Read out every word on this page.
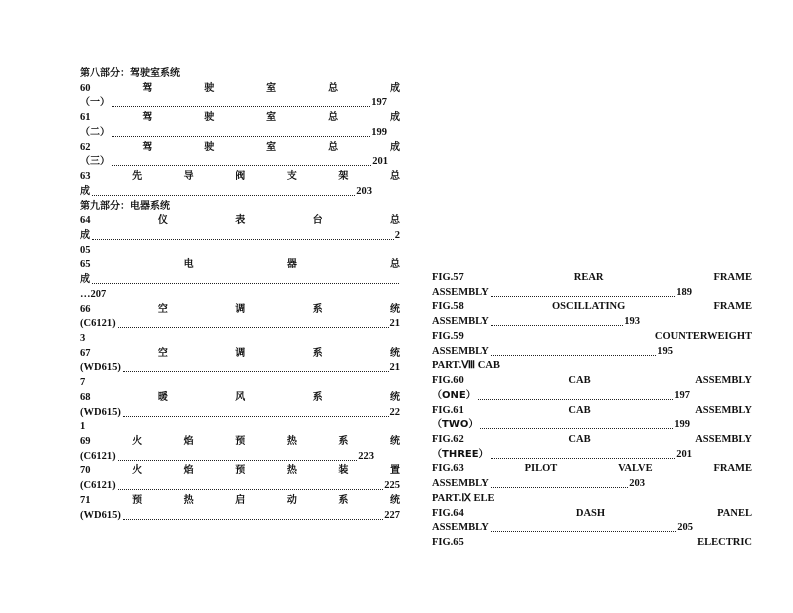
第八部分：驾驶室系统
60	驾	驶	室	总	成
（一）	197
61	驾	驶	室	总	成
（二）	199
62	驾	驶	室	总	成
（三）	201
63	先	导	阀	支	架	总
成	203
第九部分：电器系统
64	仪	表	台	总
成	2
05
65	电	器	总
成
…207
66	空	调	系	统
(C6121)	21
3
67	空	调	系	统
(WD615)	21
7
68	暖	风	系	统
(WD615)	22
1
69	火	焰	预	热	系	统
(C6121)	223
70	火	焰	预	热	装	置
(C6121)	225
71	预	热	启	动	系	统
(WD615)	227
FIG.57	REAR	FRAME
ASSEMBLY	189
FIG.58	OSCILLATING	FRAME
ASSEMBLY	193
FIG.59	COUNTERWEIGHT
ASSEMBLY	195
PART.Ⅷ CAB
FIG.60	CAB	ASSEMBLY
（ONE）	197
FIG.61	CAB	ASSEMBLY
（TWO）	199
FIG.62	CAB	ASSEMBLY
（THREE）	201
FIG.63	PILOT	VALVE	FRAME
ASSEMBLY	203
PART.Ⅸ ELE
FIG.64	DASH	PANEL
ASSEMBLY	205
FIG.65	ELECTRIC
